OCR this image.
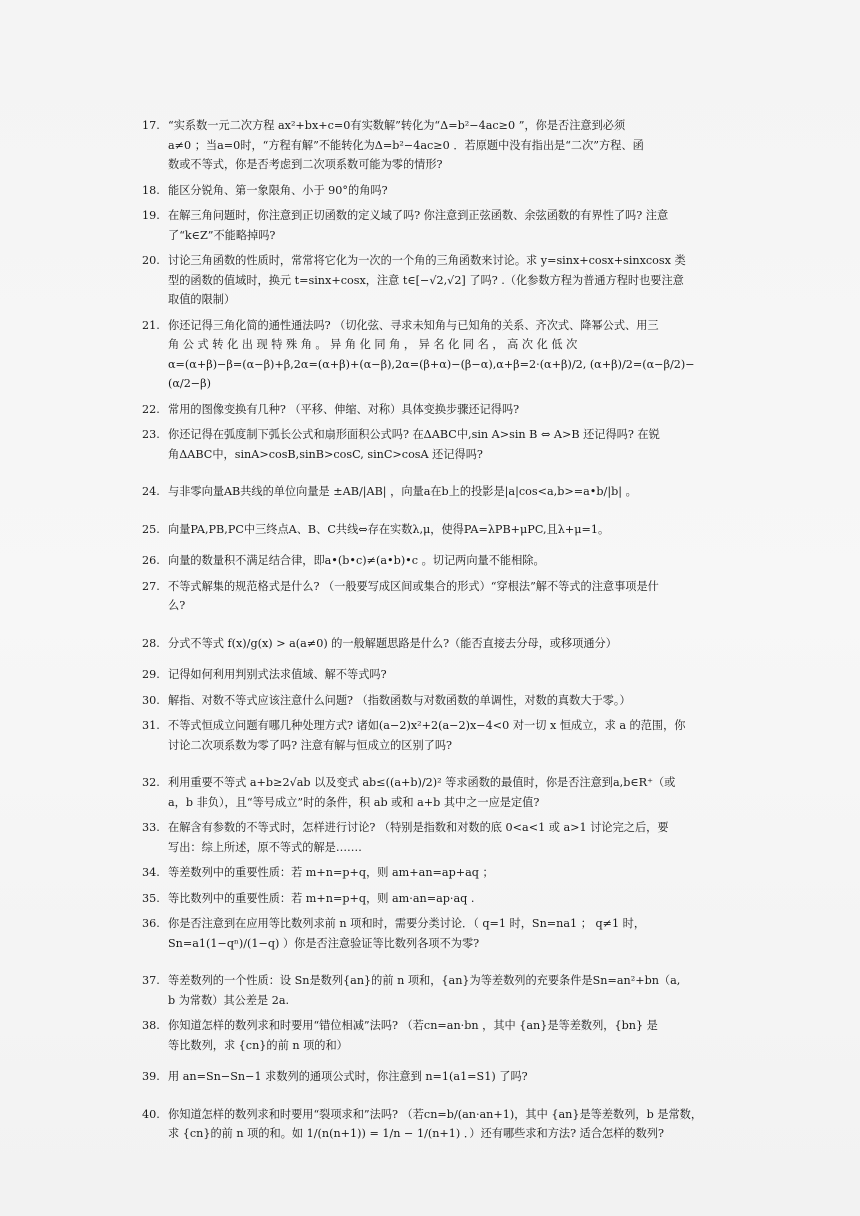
17. “实系数一元二次方程 ax²+bx+c=0有实数解”转化为“Δ=b²−4ac≥0 ”，你是否注意到必须
a≠0 ；当a=0时，“方程有解”不能转化为Δ=b²−4ac≥0 ．若原题中没有指出是“二次”方程、函
数或不等式，你是否考虑到二次项系数可能为零的情形?
18. 能区分锐角、第一象限角、小于 90°的角吗?
19. 在解三角问题时，你注意到正切函数的定义域了吗? 你注意到正弦函数、余弦函数的有界性了吗? 注意
了“k∈Z”不能略掉吗?
20. 讨论三角函数的性质时，常常将它化为一次的一个角的三角函数来讨论。求 y=sinx+cosx+sinxcosx 类
型的函数的值域时，换元 t=sinx+cosx，注意 t∈[−√2,√2] 了吗? .（化参数方程为普通方程时也要注意
取值的限制）
21. 你还记得三角化简的通性通法吗? （切化弦、寻求未知角与已知角的关系、齐次式、降幂公式、用三
角 公 式 转 化 出 现 特 殊 角 。 异 角 化 同 角 ， 异 名 化 同 名 ， 高 次 化 低 次
α=(α+β)−β=(α−β)+β,2α=(α+β)+(α−β),2α=(β+α)−(β−α),α+β=2·(α+β)/2, (α+β)/2=(α−β/2)−(α/2−β)
22. 常用的图像变换有几种? （平移、伸缩、对称）具体变换步骤还记得吗?
23. 你还记得在弧度制下弧长公式和扇形面积公式吗? 在ΔABC中,sin A>sin B ⇔ A>B 还记得吗? 在锐
角ΔABC中，sinA>cosB,sinB>cosC, sinC>cosA 还记得吗?
24. 与非零向量AB共线的单位向量是 ±AB/|AB| ，向量a在b上的投影是|a|cos<a,b>=a•b/|b| 。
25. 向量PA,PB,PC中三终点A、B、C共线⇔存在实数λ,μ，使得PA=λPB+μPC,且λ+μ=1。
26. 向量的数量积不满足结合律，即a•(b•c)≠(a•b)•c 。切记两向量不能相除。
27. 不等式解集的规范格式是什么? （一般要写成区间或集合的形式）“穿根法”解不等式的注意事项是什
么?
28. 分式不等式 f(x)/g(x) > a(a≠0) 的一般解题思路是什么?（能否直接去分母，或移项通分）
29. 记得如何利用判别式法求值域、解不等式吗?
30. 解指、对数不等式应该注意什么问题? （指数函数与对数函数的单调性，对数的真数大于零。）
31. 不等式恒成立问题有哪几种处理方式? 诸如(a−2)x²+2(a−2)x−4<0 对一切 x 恒成立，求 a 的范围，你
讨论二次项系数为零了吗? 注意有解与恒成立的区别了吗?
32. 利用重要不等式 a+b≥2√ab 以及变式 ab≤((a+b)/2)² 等求函数的最值时，你是否注意到a,b∈R⁺（或
a，b 非负），且“等号成立”时的条件，积 ab 或和 a+b 其中之一应是定值?
33. 在解含有参数的不等式时，怎样进行讨论? （特别是指数和对数的底 0<a<1 或 a>1 讨论完之后，要
写出：综上所述，原不等式的解是…….
34. 等差数列中的重要性质：若 m+n=p+q，则 am+an=ap+aq ；
35. 等比数列中的重要性质：若 m+n=p+q，则 am·an=ap·aq .
36. 你是否注意到在应用等比数列求前 n 项和时，需要分类讨论．（ q=1 时，Sn=na1 ； q≠1 时，
Sn=a1(1−qⁿ)/(1−q) ）你是否注意验证等比数列各项不为零?
37. 等差数列的一个性质：设 Sn是数列{an}的前 n 项和，{an}为等差数列的充要条件是Sn=an²+bn（a,
b 为常数）其公差是 2a.
38. 你知道怎样的数列求和时要用“错位相减”法吗? （若cn=an·bn ，其中 {an}是等差数列，{bn} 是
等比数列，求 {cn}的前 n 项的和）
39. 用 an=Sn−Sn−1 求数列的通项公式时，你注意到 n=1(a1=S1) 了吗?
40. 你知道怎样的数列求和时要用“裂项求和”法吗? （若cn=b/(an·an+1)，其中 {an}是等差数列，b 是常数，
求 {cn}的前 n 项的和。如 1/(n(n+1)) = 1/n − 1/(n+1) ．）还有哪些求和方法? 适合怎样的数列?
